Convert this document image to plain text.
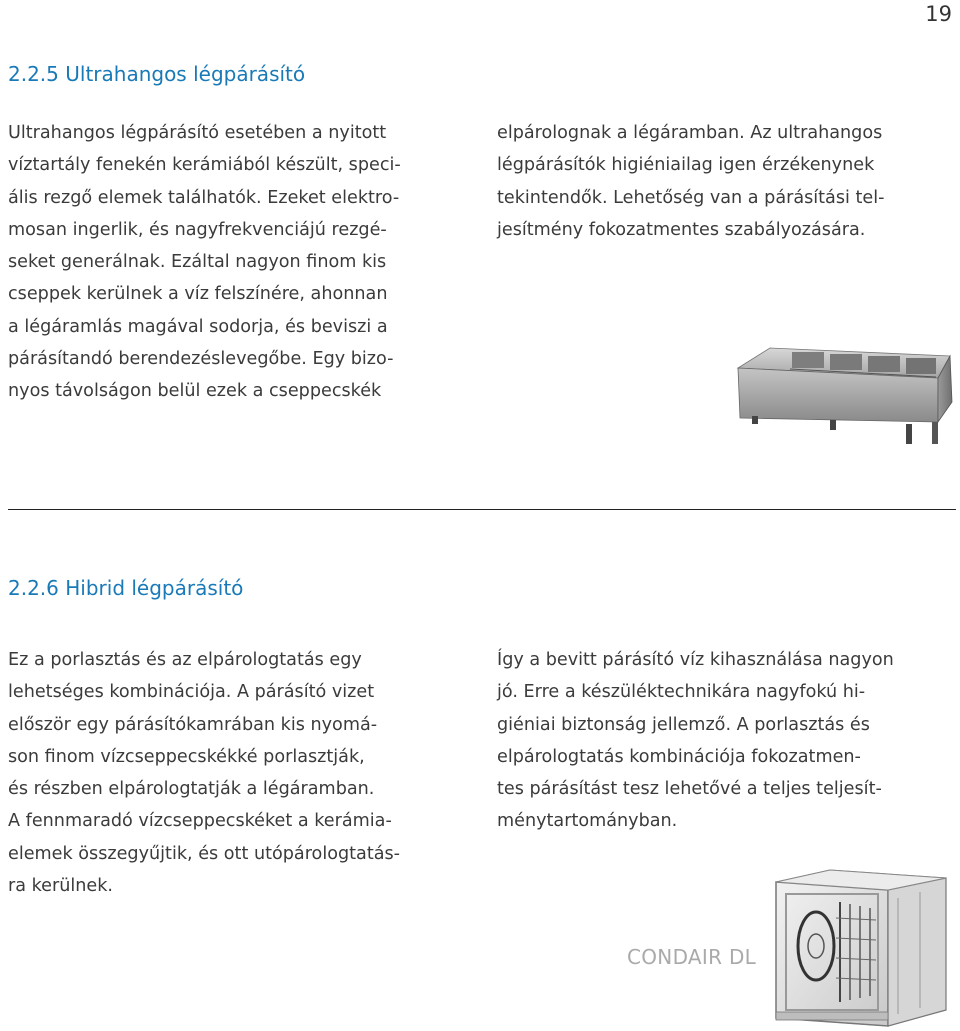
19
2.2.5 Ultrahangos légpárásító

Ultrahangos légpárásító esetében a nyitott

víztartály fenekén kerámiából készült, speci-

ális rezgő elemek találhatók. Ezeket elektro-

mosan ingerlik, és nagyfrekvenciájú rezgé-

seket generálnak. Ezáltal nagyon finom kis

cseppek kerülnek a víz felszínére, ahonnan

a légáramlás magával sodorja, és beviszi a

párásítandó berendezéslevegőbe. Egy bizo-

nyos távolságon belül ezek a cseppecskék

elpárolognak a légáramban. Az ultrahangos

légpárásítók higiéniailag igen érzékenynek

tekintendők. Lehetőség van a párásítási tel-

jesítmény fokozatmentes szabályozására.

2.2.6 Hibrid légpárásító

Ez a porlasztás és az elpárologtatás egy

lehetséges kombinációja. A párásító vizet

először egy párásítókamrában kis nyomá-

son finom vízcseppecskékké porlasztják,

és részben elpárologtatják a légáramban.

A fennmaradó vízcseppecskéket a kerámia-

elemek összegyűjtik, és ott utópárologtatás-

ra kerülnek.

Így a bevitt párásító víz kihasználása nagyon

jó. Erre a készüléktechnikára nagyfokú hi-

giéniai biztonság jellemző. A porlasztás és

elpárologtatás kombinációja fokozatmen-

tes párásítást tesz lehetővé a teljes teljesít-

ménytartományban.

CONDAIR DL
